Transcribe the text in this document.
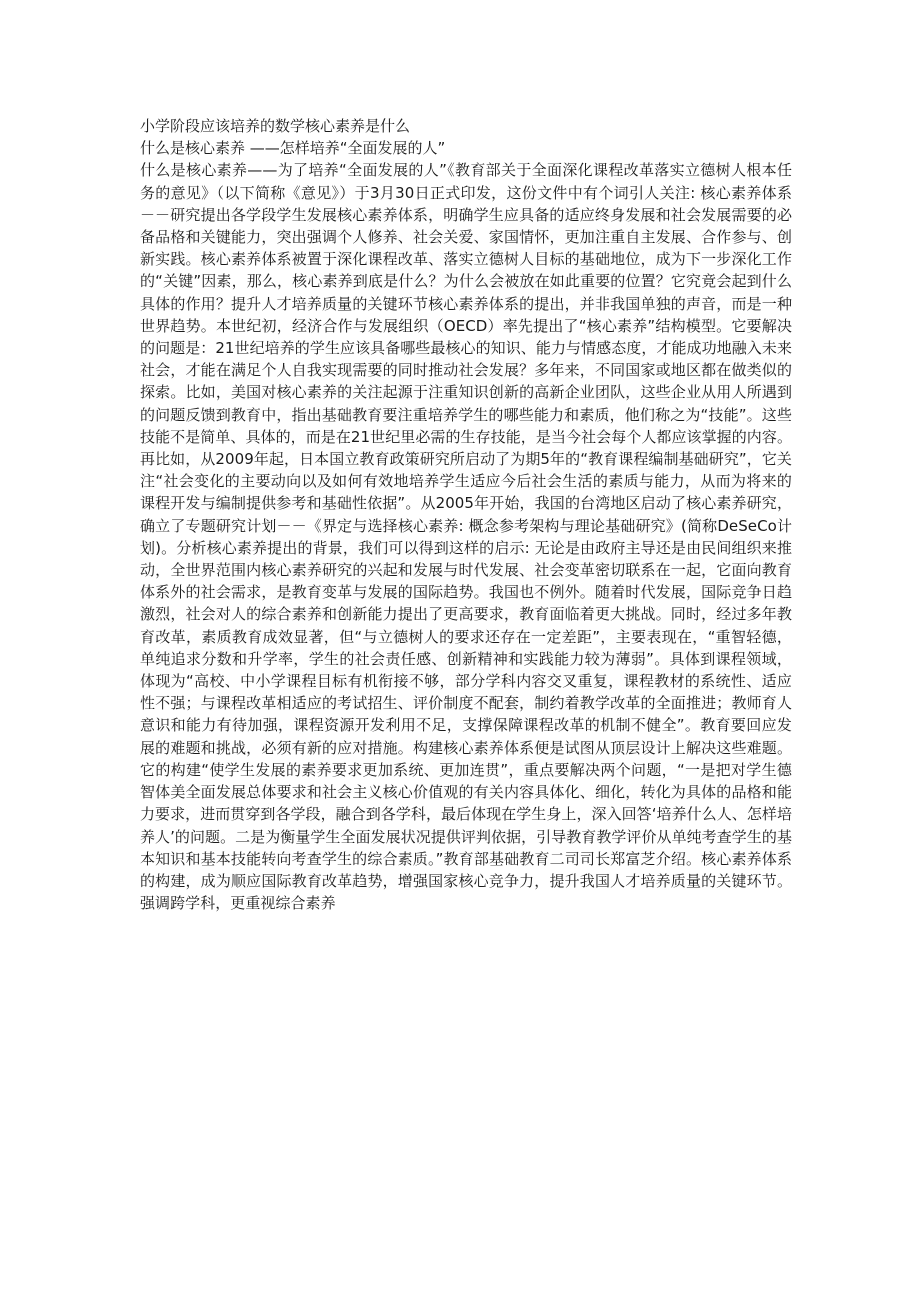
小学阶段应该培养的数学核心素养是什么

什么是核心素养 ——怎样培养“全面发展的人”

什么是核心素养——为了培养“全面发展的人”《教育部关于全面深化课程改革落实立德树人根本任务的意见》（以下简称《意见》）于3月30日正式印发，这份文件中有个词引人关注: 核心素养体系－－研究提出各学段学生发展核心素养体系，明确学生应具备的适应终身发展和社会发展需要的必备品格和关键能力，突出强调个人修养、社会关爱、家国情怀，更加注重自主发展、合作参与、创新实践。核心素养体系被置于深化课程改革、落实立德树人目标的基础地位，成为下一步深化工作的“关键”因素，那么，核心素养到底是什么？为什么会被放在如此重要的位置？它究竟会起到什么具体的作用？提升人才培养质量的关键环节核心素养体系的提出，并非我国单独的声音，而是一种世界趋势。本世纪初，经济合作与发展组织（OECD）率先提出了“核心素养”结构模型。它要解决的问题是：21世纪培养的学生应该具备哪些最核心的知识、能力与情感态度，才能成功地融入未来社会，才能在满足个人自我实现需要的同时推动社会发展？多年来，不同国家或地区都在做类似的探索。比如，美国对核心素养的关注起源于注重知识创新的高新企业团队，这些企业从用人所遇到的问题反馈到教育中，指出基础教育要注重培养学生的哪些能力和素质，他们称之为“技能”。这些技能不是简单、具体的，而是在21世纪里必需的生存技能，是当今社会每个人都应该掌握的内容。再比如，从2009年起，日本国立教育政策研究所启动了为期5年的“教育课程编制基础研究”，它关注“社会变化的主要动向以及如何有效地培养学生适应今后社会生活的素质与能力，从而为将来的课程开发与编制提供参考和基础性依据”。从2005年开始，我国的台湾地区启动了核心素养研究，确立了专题研究计划－－《界定与选择核心素养: 概念参考架构与理论基础研究》(简称DeSeCo计划)。分析核心素养提出的背景，我们可以得到这样的启示: 无论是由政府主导还是由民间组织来推动，全世界范围内核心素养研究的兴起和发展与时代发展、社会变革密切联系在一起，它面向教育体系外的社会需求，是教育变革与发展的国际趋势。我国也不例外。随着时代发展，国际竞争日趋激烈，社会对人的综合素养和创新能力提出了更高要求，教育面临着更大挑战。同时，经过多年教育改革，素质教育成效显著，但“与立德树人的要求还存在一定差距”，主要表现在，“重智轻德，单纯追求分数和升学率，学生的社会责任感、创新精神和实践能力较为薄弱”。具体到课程领域，体现为“高校、中小学课程目标有机衔接不够，部分学科内容交叉重复，课程教材的系统性、适应性不强；与课程改革相适应的考试招生、评价制度不配套，制约着教学改革的全面推进；教师育人意识和能力有待加强，课程资源开发利用不足，支撑保障课程改革的机制不健全”。教育要回应发展的难题和挑战，必须有新的应对措施。构建核心素养体系便是试图从顶层设计上解决这些难题。它的构建“使学生发展的素养要求更加系统、更加连贯”，重点要解决两个问题，“一是把对学生德智体美全面发展总体要求和社会主义核心价值观的有关内容具体化、细化，转化为具体的品格和能力要求，进而贯穿到各学段，融合到各学科，最后体现在学生身上，深入回答‘培养什么人、怎样培养人’的问题。二是为衡量学生全面发展状况提供评判依据，引导教育教学评价从单纯考查学生的基本知识和基本技能转向考查学生的综合素质。”教育部基础教育二司司长郑富芝介绍。核心素养体系的构建，成为顺应国际教育改革趋势，增强国家核心竞争力，提升我国人才培养质量的关键环节。强调跨学科，更重视综合素养
